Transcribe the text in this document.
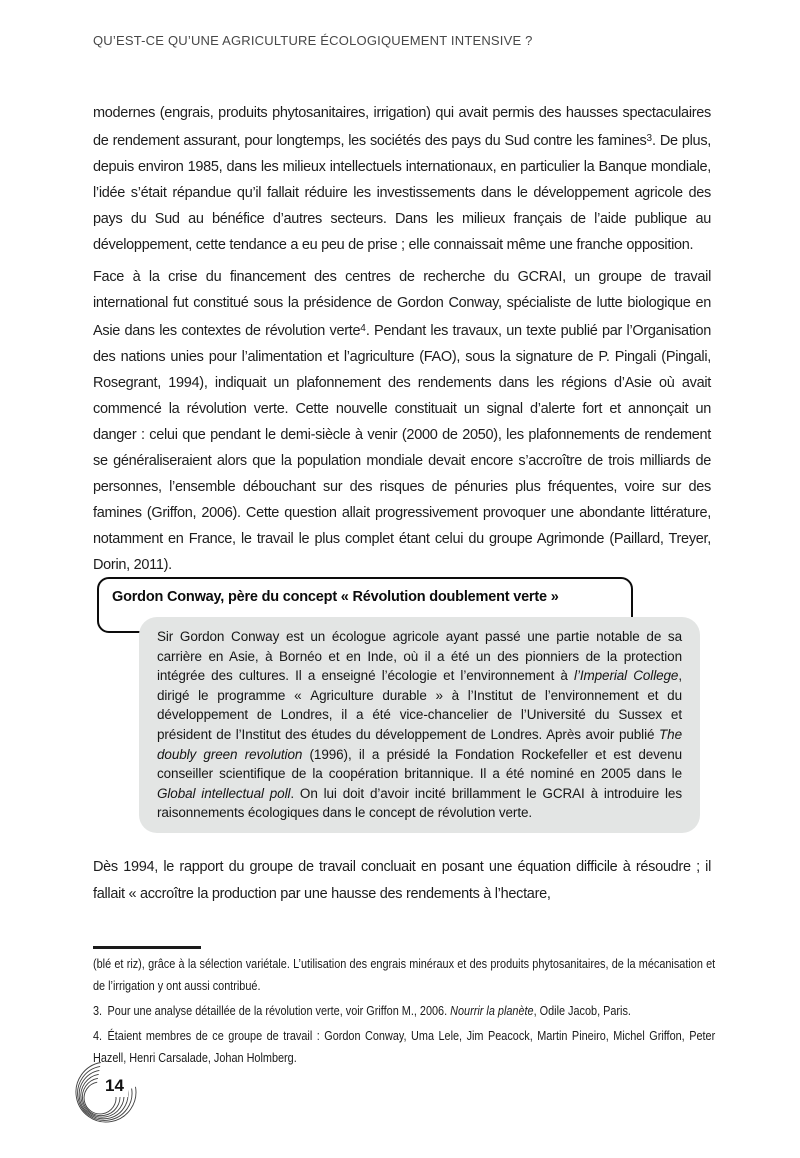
QU’EST-CE QU’UNE AGRICULTURE ÉCOLOGIQUEMENT INTENSIVE ?

modernes (engrais, produits phytosanitaires, irrigation) qui avait permis des hausses spectaculaires de rendement assurant, pour longtemps, les sociétés des pays du Sud contre les famines$^3$. De plus, depuis environ 1985, dans les milieux intellectuels internationaux, en particulier la Banque mondiale, l’idée s’était répandue qu’il fallait réduire les investissements dans le développement agricole des pays du Sud au bénéfice d’autres secteurs. Dans les milieux français de l’aide publique au développement, cette tendance a eu peu de prise ; elle connaissait même une franche opposition.

Face à la crise du financement des centres de recherche du GCRAI, un groupe de travail international fut constitué sous la présidence de Gordon Conway, spécialiste de lutte biologique en Asie dans les contextes de révolution verte$^4$. Pendant les travaux, un texte publié par l’Organisation des nations unies pour l’alimentation et l’agriculture (FAO), sous la signature de P. Pingali (Pingali, Rosegrant, 1994), indiquait un plafonnement des rendements dans les régions d’Asie où avait commencé la révolution verte. Cette nouvelle constituait un signal d’alerte fort et annonçait un danger : celui que pendant le demi-siècle à venir (2000 de 2050), les plafonnements de rendement se généraliseraient alors que la population mondiale devait encore s’accroître de trois milliards de personnes, l’ensemble débouchant sur des risques de pénuries plus fréquentes, voire sur des famines (Griffon, 2006). Cette question allait progressivement provoquer une abondante littérature, notamment en France, le travail le plus complet étant celui du groupe Agrimonde (Paillard, Treyer, Dorin, 2011).

Gordon Conway, père du concept « Révolution doublement verte »
Sir Gordon Conway est un écologue agricole ayant passé une partie notable de sa carrière en Asie, à Bornéo et en Inde, où il a été un des pionniers de la protection intégrée des cultures. Il a enseigné l’écologie et l’environnement à l’Imperial College, dirigé le programme « Agriculture durable » à l’Institut de l’environnement et du développement de Londres, il a été vice-chancelier de l’Université du Sussex et président de l’Institut des études du développement de Londres. Après avoir publié The doubly green revolution (1996), il a présidé la Fondation Rockefeller et est devenu conseiller scientifique de la coopération britannique. Il a été nominé en 2005 dans le Global intellectual poll. On lui doit d’avoir incité brillamment le GCRAI à introduire les raisonnements écologiques dans le concept de révolution verte.
Dès 1994, le rapport du groupe de travail concluait en posant une équation difficile à résoudre ; il fallait « accroître la production par une hausse des rendements à l’hectare,

(blé et riz), grâce à la sélection variétale. L’utilisation des engrais minéraux et des produits phytosanitaires, de la mécanisation et de l’irrigation y ont aussi contribué.

3. Pour une analyse détaillée de la révolution verte, voir Griffon M., 2006. Nourrir la planète, Odile Jacob, Paris.

4. Étaient membres de ce groupe de travail : Gordon Conway, Uma Lele, Jim Peacock, Martin Pineiro, Michel Griffon, Peter Hazell, Henri Carsalade, Johan Holmberg.

14
